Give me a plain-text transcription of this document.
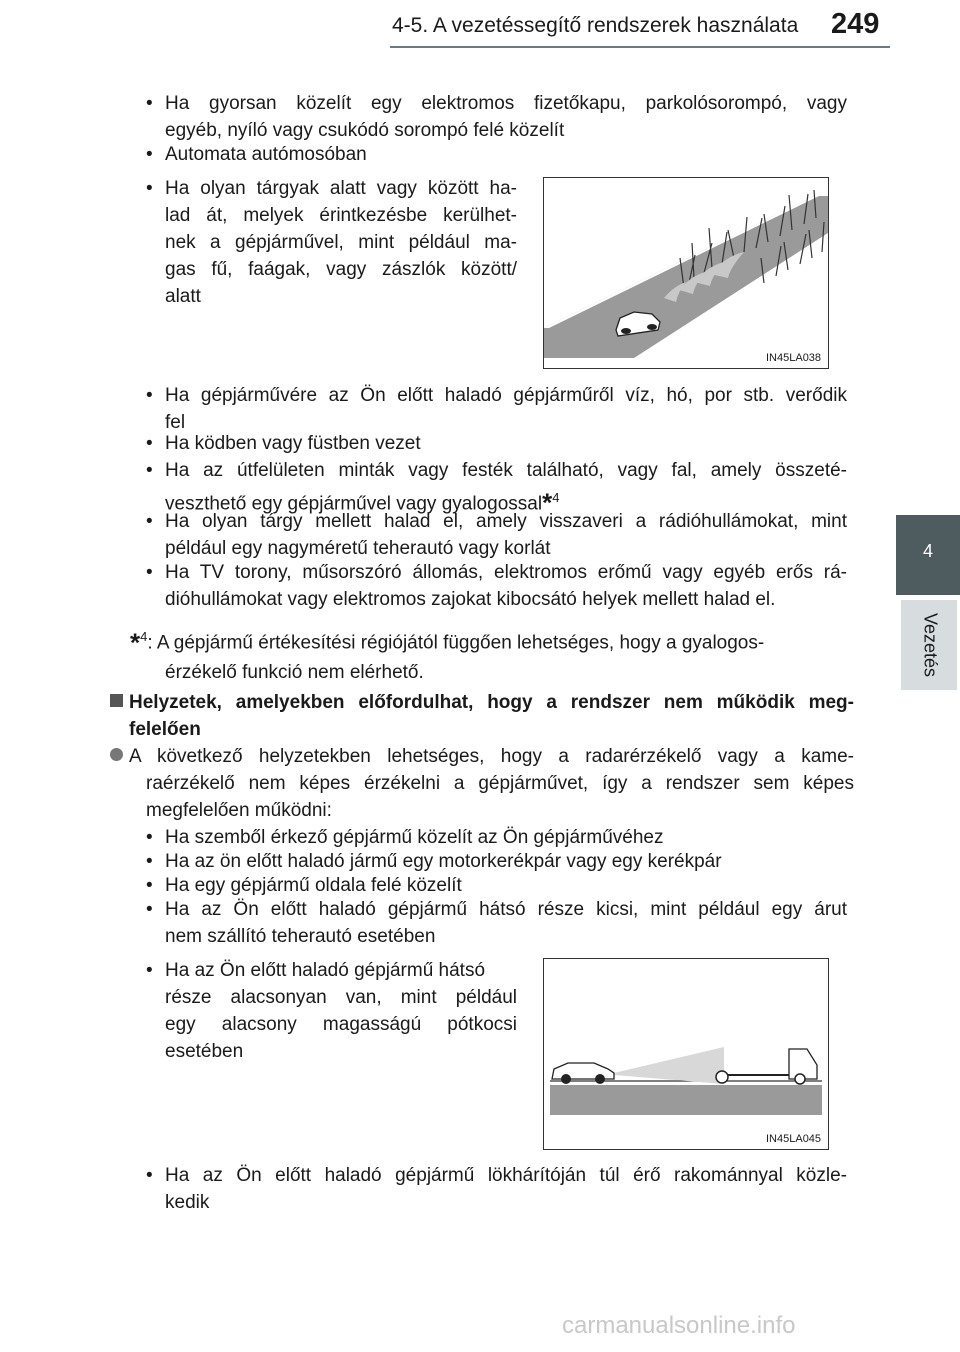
4-5. A vezetéssegítő rendszerek használata 249
4
Vezetés
• Ha gyorsan közelít egy elektromos fizetőkapu, parkolósorompó, vagy
egyéb, nyíló vagy csukódó sorompó felé közelít
• Automata autómosóban
• Ha olyan tárgyak alatt vagy között ha-
lad át, melyek érintkezésbe kerülhet-
nek a gépjárművel, mint például ma-
gas fű, faágak, vagy zászlók között/
alatt
IN45LA038
• Ha gépjárművére az Ön előtt haladó gépjárműről víz, hó, por stb. verődik
fel
• Ha ködben vagy füstben vezet
• Ha az útfelületen minták vagy festék található, vagy fal, amely összeté-
veszthető egy gépjárművel vagy gyalogossal*$^4$
• Ha olyan tárgy mellett halad el, amely visszaveri a rádióhullámokat, mint
például egy nagyméretű teherautó vagy korlát
• Ha TV torony, műsorszóró állomás, elektromos erőmű vagy egyéb erős rá-
dióhullámokat vagy elektromos zajokat kibocsátó helyek mellett halad el.
*$^4$: A gépjármű értékesítési régiójától függően lehetséges, hogy a gyalogos-
érzékelő funkció nem elérhető.
Helyzetek, amelyekben előfordulhat, hogy a rendszer nem működik meg-
felelően
A következő helyzetekben lehetséges, hogy a radarérzékelő vagy a kame-
raérzékelő nem képes érzékelni a gépjárművet, így a rendszer sem képes
megfelelően működni:
• Ha szemből érkező gépjármű közelít az Ön gépjárművéhez
• Ha az ön előtt haladó jármű egy motorkerékpár vagy egy kerékpár
• Ha egy gépjármű oldala felé közelít
• Ha az Ön előtt haladó gépjármű hátsó része kicsi, mint például egy árut
nem szállító teherautó esetében
• Ha az Ön előtt haladó gépjármű hátsó
része alacsonyan van, mint például
egy alacsony magasságú pótkocsi
esetében
IN45LA045
• Ha az Ön előtt haladó gépjármű lökhárítóján túl érő rakománnyal közle-
kedik
carmanualsonline.info
